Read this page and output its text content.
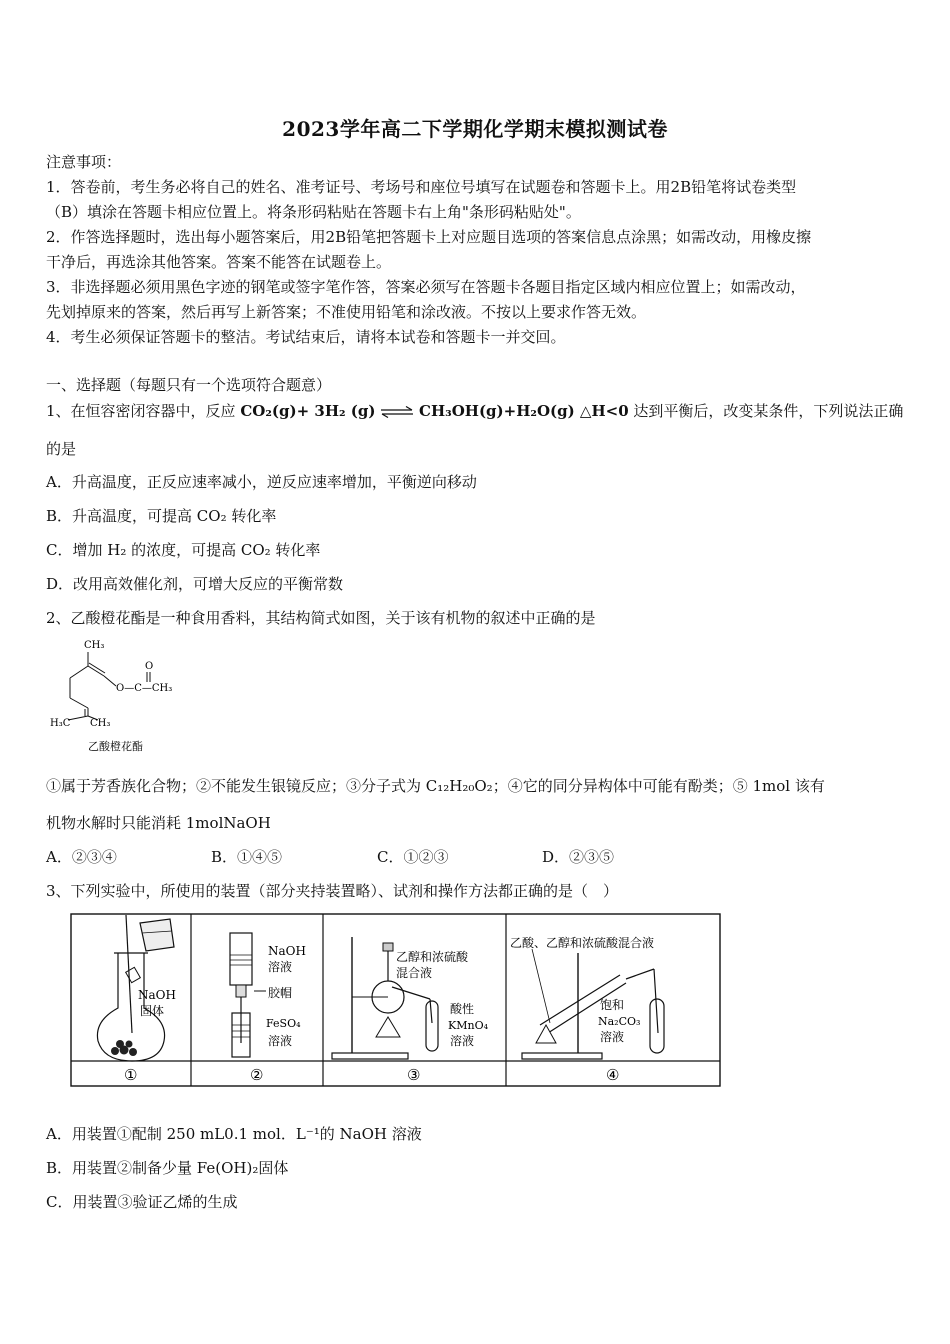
2023学年高二下学期化学期末模拟测试卷
注意事项：
1．答卷前，考生务必将自己的姓名、准考证号、考场号和座位号填写在试题卷和答题卡上。用2B铅笔将试卷类型
（B）填涂在答题卡相应位置上。将条形码粘贴在答题卡右上角"条形码粘贴处"。
2．作答选择题时，选出每小题答案后，用2B铅笔把答题卡上对应题目选项的答案信息点涂黑；如需改动，用橡皮擦
干净后，再选涂其他答案。答案不能答在试题卷上。
3．非选择题必须用黑色字迹的钢笔或签字笔作答，答案必须写在答题卡各题目指定区域内相应位置上；如需改动，
先划掉原来的答案，然后再写上新答案；不准使用铅笔和涂改液。不按以上要求作答无效。
4．考生必须保证答题卡的整洁。考试结束后，请将本试卷和答题卡一并交回。
一、选择题（每题只有一个选项符合题意）
1、在恒容密闭容器中，反应 CO₂(g)+ 3H₂ (g) ⇌ CH₃OH(g)+H₂O(g) △H<0 达到平衡后，改变某条件，下列说法正确
的是
A．升高温度，正反应速率减小，逆反应速率增加，平衡逆向移动
B．升高温度，可提高 CO₂ 转化率
C．增加 H₂ 的浓度，可提高 CO₂ 转化率
D．改用高效催化剂，可增大反应的平衡常数
2、乙酸橙花酯是一种食用香料，其结构简式如图，关于该有机物的叙述中正确的是
CH₃
H₃C CH₃
O—C—CH₃
O
乙酸橙花酯
①属于芳香族化合物；②不能发生银镜反应；③分子式为 C₁₂H₂₀O₂；④它的同分异构体中可能有酚类；⑤ 1mol 该有
机物水解时只能消耗 1molNaOH
A．②③④	B．①④⑤	C．①②③	D．②③⑤
3、下列实验中，所使用的装置（部分夹持装置略）、试剂和操作方法都正确的是（　）
NaOH
固体
NaOH
溶液
胶帽
FeSO₄
溶液
乙醇和浓硫酸
混合液
酸性
KMnO₄
溶液
乙酸、乙醇和浓硫酸混合液
饱和
Na₂CO₃
溶液
①	②	③	④
A．用装置①配制 250 mL0.1 mol．L⁻¹的 NaOH 溶液
B．用装置②制备少量 Fe(OH)₂固体
C．用装置③验证乙烯的生成
